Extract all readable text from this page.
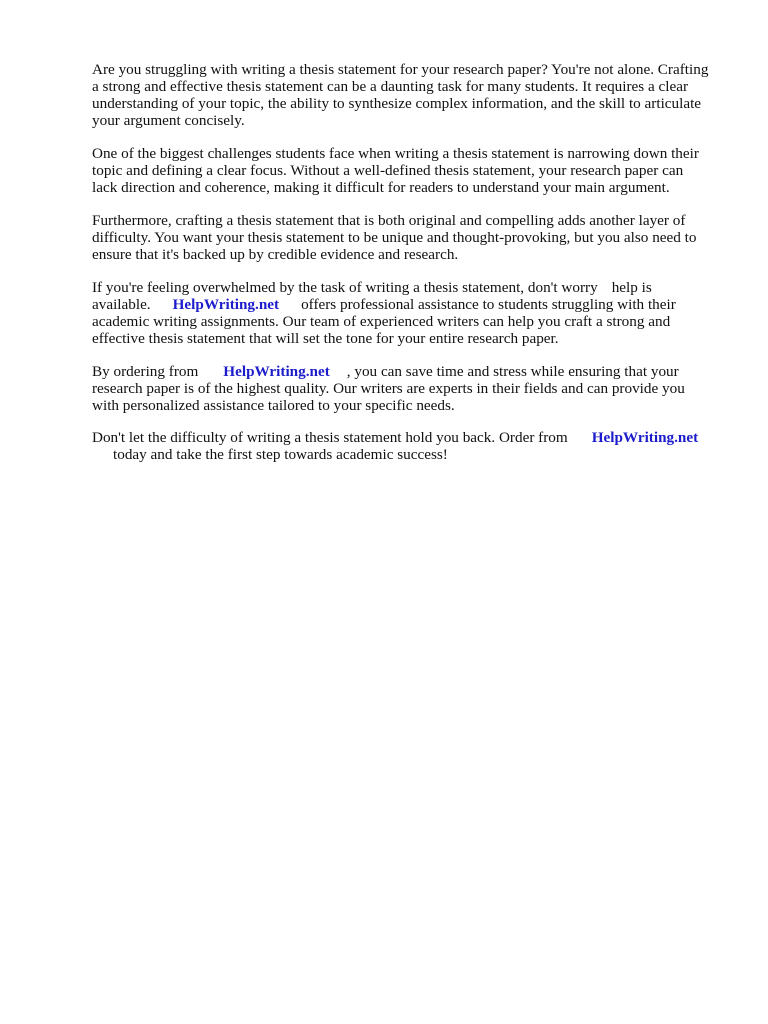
Are you struggling with writing a thesis statement for your research paper? You're not alone. Crafting
a strong and effective thesis statement can be a daunting task for many students. It requires a clear
understanding of your topic, the ability to synthesize complex information, and the skill to articulate
your argument concisely.
One of the biggest challenges students face when writing a thesis statement is narrowing down their
topic and defining a clear focus. Without a well-defined thesis statement, your research paper can
lack direction and coherence, making it difficult for readers to understand your main argument.
Furthermore, crafting a thesis statement that is both original and compelling adds another layer of
difficulty. You want your thesis statement to be unique and thought-provoking, but you also need to
ensure that it's backed up by credible evidence and research.
If you're feeling overwhelmed by the task of writing a thesis statement, don't worry help is
available. HelpWriting.net offers professional assistance to students struggling with their
academic writing assignments. Our team of experienced writers can help you craft a strong and
effective thesis statement that will set the tone for your entire research paper.
By ordering from HelpWriting.net , you can save time and stress while ensuring that your
research paper is of the highest quality. Our writers are experts in their fields and can provide you
with personalized assistance tailored to your specific needs.
Don't let the difficulty of writing a thesis statement hold you back. Order from HelpWriting.net
today and take the first step towards academic success!
